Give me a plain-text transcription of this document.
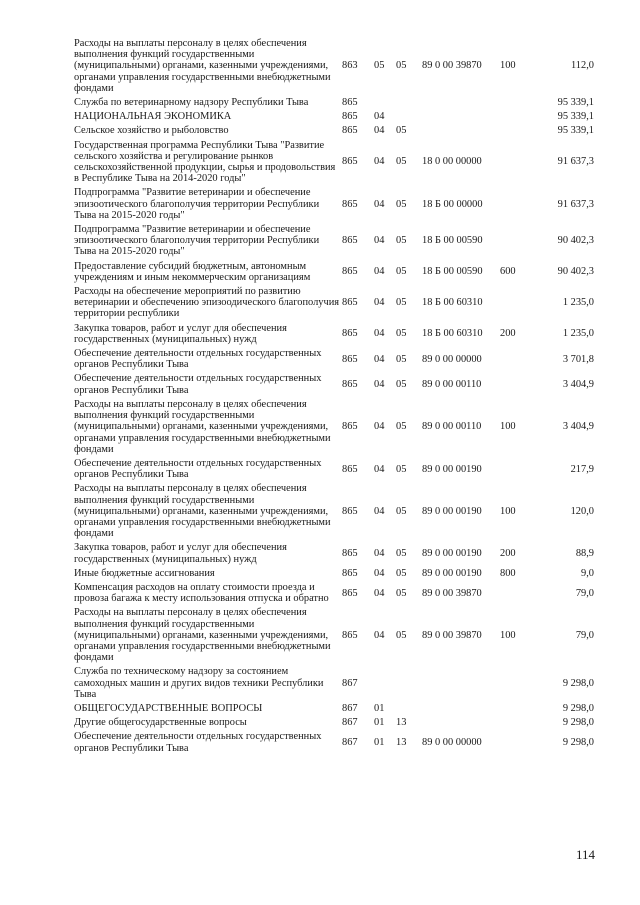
Расходы на выплаты персоналу в целях обеспечения выполнения функций государственными (муниципальными) органами, казенными учреждениями, органами управления государственными внебюджетными фондами	863	05	05	89 0 00 39870	100	112,0
Служба по ветеринарному надзору Республики Тыва	865					95 339,1
НАЦИОНАЛЬНАЯ ЭКОНОМИКА	865	04				95 339,1
Сельское хозяйство и рыболовство	865	04	05			95 339,1
Государственная программа Республики Тыва "Развитие сельского хозяйства и регулирование рынков сельскохозяйственной продукции, сырья и продовольствия в Республике Тыва на 2014-2020 годы"	865	04	05	18 0 00 00000		91 637,3
Подпрограмма "Развитие ветеринарии и обеспечение эпизоотического благополучия территории Республики Тыва на 2015-2020 годы"	865	04	05	18 Б 00 00000		91 637,3
Подпрограмма "Развитие ветеринарии и обеспечение эпизоотического благополучия территории Республики Тыва на 2015-2020 годы"	865	04	05	18 Б 00 00590		90 402,3
Предоставление субсидий бюджетным, автономным учреждениям и иным некоммерческим организациям	865	04	05	18 Б 00 00590	600	90 402,3
Расходы на обеспечение мероприятий по развитию ветеринарии и обеспечению эпизоодического благополучия территории республики	865	04	05	18 Б 00 60310		1 235,0
Закупка товаров, работ и услуг для обеспечения государственных (муниципальных) нужд	865	04	05	18 Б 00 60310	200	1 235,0
Обеспечение деятельности отдельных государственных органов Республики Тыва	865	04	05	89 0 00 00000		3 701,8
Обеспечение деятельности отдельных государственных органов Республики Тыва	865	04	05	89 0 00 00110		3 404,9
Расходы на выплаты персоналу в целях обеспечения выполнения функций государственными (муниципальными) органами, казенными учреждениями, органами управления государственными внебюджетными фондами	865	04	05	89 0 00 00110	100	3 404,9
Обеспечение деятельности отдельных государственных органов Республики Тыва	865	04	05	89 0 00 00190		217,9
Расходы на выплаты персоналу в целях обеспечения выполнения функций государственными (муниципальными) органами, казенными учреждениями, органами управления государственными внебюджетными фондами	865	04	05	89 0 00 00190	100	120,0
Закупка товаров, работ и услуг для обеспечения государственных (муниципальных) нужд	865	04	05	89 0 00 00190	200	88,9
Иные бюджетные ассигнования	865	04	05	89 0 00 00190	800	9,0
Компенсация расходов на оплату стоимости проезда и провоза багажа к месту использования отпуска и обратно	865	04	05	89 0 00 39870		79,0
Расходы на выплаты персоналу в целях обеспечения выполнения функций государственными (муниципальными) органами, казенными учреждениями, органами управления государственными внебюджетными фондами	865	04	05	89 0 00 39870	100	79,0
Служба по техническому надзору за состоянием самоходных машин и других видов техники Республики Тыва	867					9 298,0
ОБЩЕГОСУДАРСТВЕННЫЕ ВОПРОСЫ	867	01				9 298,0
Другие общегосударственные вопросы	867	01	13			9 298,0
Обеспечение деятельности отдельных государственных органов Республики Тыва	867	01	13	89 0 00 00000		9 298,0
114
